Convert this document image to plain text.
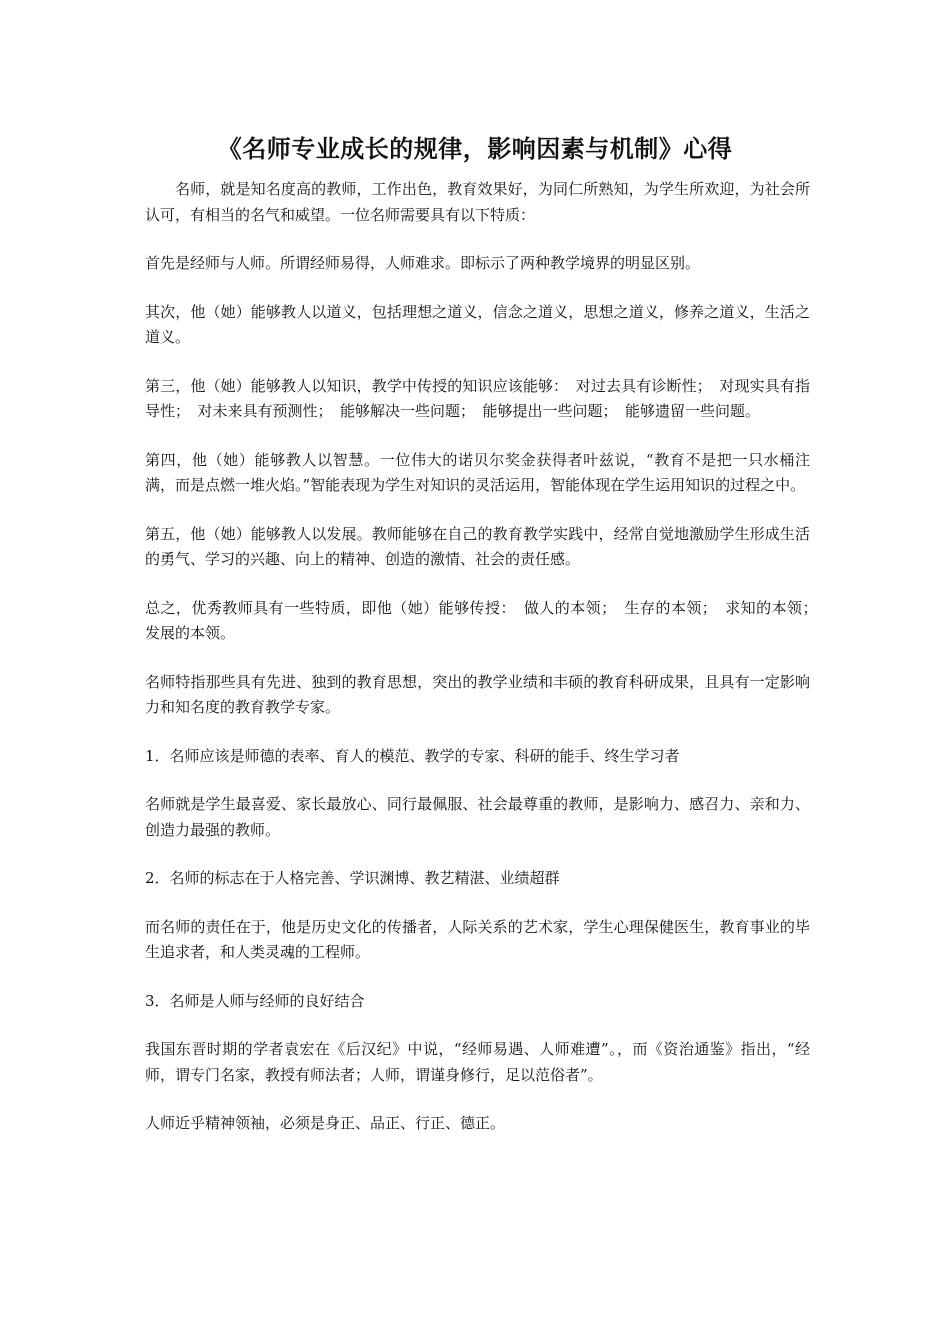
《名师专业成长的规律，影响因素与机制》心得

名师，就是知名度高的教师，工作出色，教育效果好，为同仁所熟知，为学生所欢迎，为社会所认可，有相当的名气和威望。一位名师需要具有以下特质：

首先是经师与人师。所谓经师易得，人师难求。即标示了两种教学境界的明显区别。

其次，他（她）能够教人以道义，包括理想之道义，信念之道义，思想之道义，修养之道义，生活之道义。

第三，他（她）能够教人以知识，教学中传授的知识应该能够：　对过去具有诊断性；　对现实具有指导性；　对未来具有预测性；　能够解决一些问题；　能够提出一些问题；　能够遗留一些问题。

第四，他（她）能够教人以智慧。一位伟大的诺贝尔奖金获得者叶兹说，“教育不是把一只水桶注满，而是点燃一堆火焰。”智能表现为学生对知识的灵活运用，智能体现在学生运用知识的过程之中。

第五，他（她）能够教人以发展。教师能够在自己的教育教学实践中，经常自觉地激励学生形成生活的勇气、学习的兴趣、向上的精神、创造的激情、社会的责任感。

总之，优秀教师具有一些特质，即他（她）能够传授：　做人的本领；　生存的本领；　求知的本领；　 发展的本领。

名师特指那些具有先进、独到的教育思想，突出的教学业绩和丰硕的教育科研成果，且具有一定影响力和知名度的教育教学专家。

1．名师应该是师德的表率、育人的模范、教学的专家、科研的能手、终生学习者

名师就是学生最喜爱、家长最放心、同行最佩服、社会最尊重的教师，是影响力、感召力、亲和力、创造力最强的教师。

2．名师的标志在于人格完善、学识渊博、教艺精湛、业绩超群

而名师的责任在于，他是历史文化的传播者，人际关系的艺术家，学生心理保健医生，教育事业的毕生追求者，和人类灵魂的工程师。

3．名师是人师与经师的良好结合

我国东晋时期的学者袁宏在《后汉纪》中说，“经师易遇、人师难遭”。，而《资治通鉴》指出，“经师，谓专门名家，教授有师法者；人师，谓谨身修行，足以范俗者”。

人师近乎精神领袖，必须是身正、品正、行正、德正。
